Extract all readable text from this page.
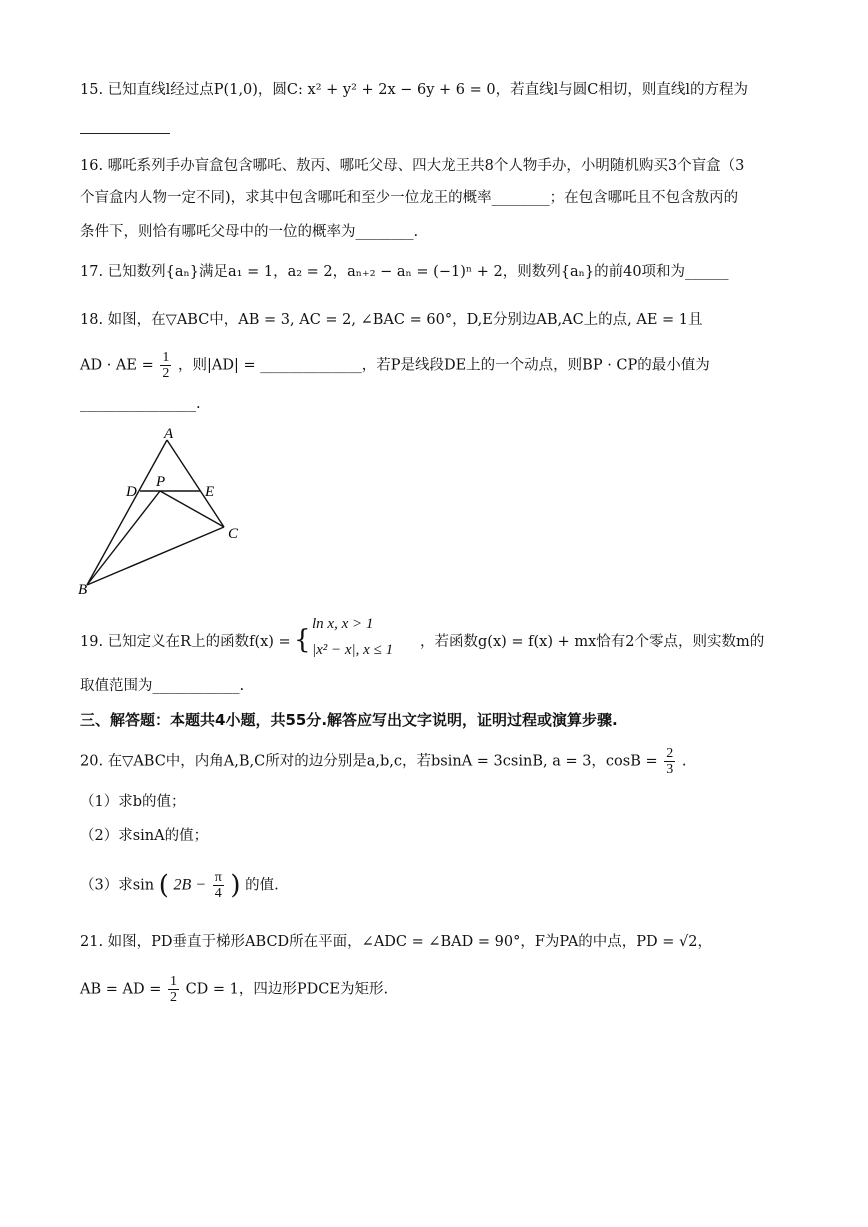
15. 已知直线l经过点P(1,0)，圆C: x² + y² + 2x − 6y + 6 = 0，若直线l与圆C相切，则直线l的方程为
16. 哪吒系列手办盲盒包含哪吒、敖丙、哪吒父母、四大龙王共8个人物手办，小明随机购买3个盲盒（3
个盲盒内人物一定不同)，求其中包含哪吒和至少一位龙王的概率________；在包含哪吒且不包含敖丙的
条件下，则恰有哪吒父母中的一位的概率为________.
17. 已知数列{aₙ}满足a₁ = 1，a₂ = 2，aₙ₊₂ − aₙ = (−1)ⁿ + 2，则数列{aₙ}的前40项和为______
18. 如图，在▽ABC中，AB = 3, AC = 2, ∠BAC = 60°，D,E分别边AB,AC上的点, AE = 1且
AD · AE = $\frac{1}{2}$ ，则|AD| = ______________，若P是线段DE上的一个动点，则BP · CP的最小值为
________________.
A
D
P
E
C
B
19. 已知定义在R上的函数f(x) = {
ln x, x > 1
|x² − x|, x ≤ 1 ，若函数g(x) = f(x) + mx恰有2个零点，则实数m的
取值范围为____________.
三、解答题：本题共4小题，共55分.解答应写出文字说明，证明过程或演算步骤.
20. 在▽ABC中，内角A,B,C所对的边分别是a,b,c，若bsinA = 3csinB, a = 3，$\cos B = \frac{2}{3}$ .
（1）求b的值；
（2）求sinA的值；
（3）求sin ( $2B - \frac{\pi}{4}$ ) 的值.
21. 如图，PD垂直于梯形ABCD所在平面，∠ADC = ∠BAD = 90°，F为PA的中点，PD = √2，
AB = AD = $\frac{1}{2}$ CD = 1，四边形PDCE为矩形.
